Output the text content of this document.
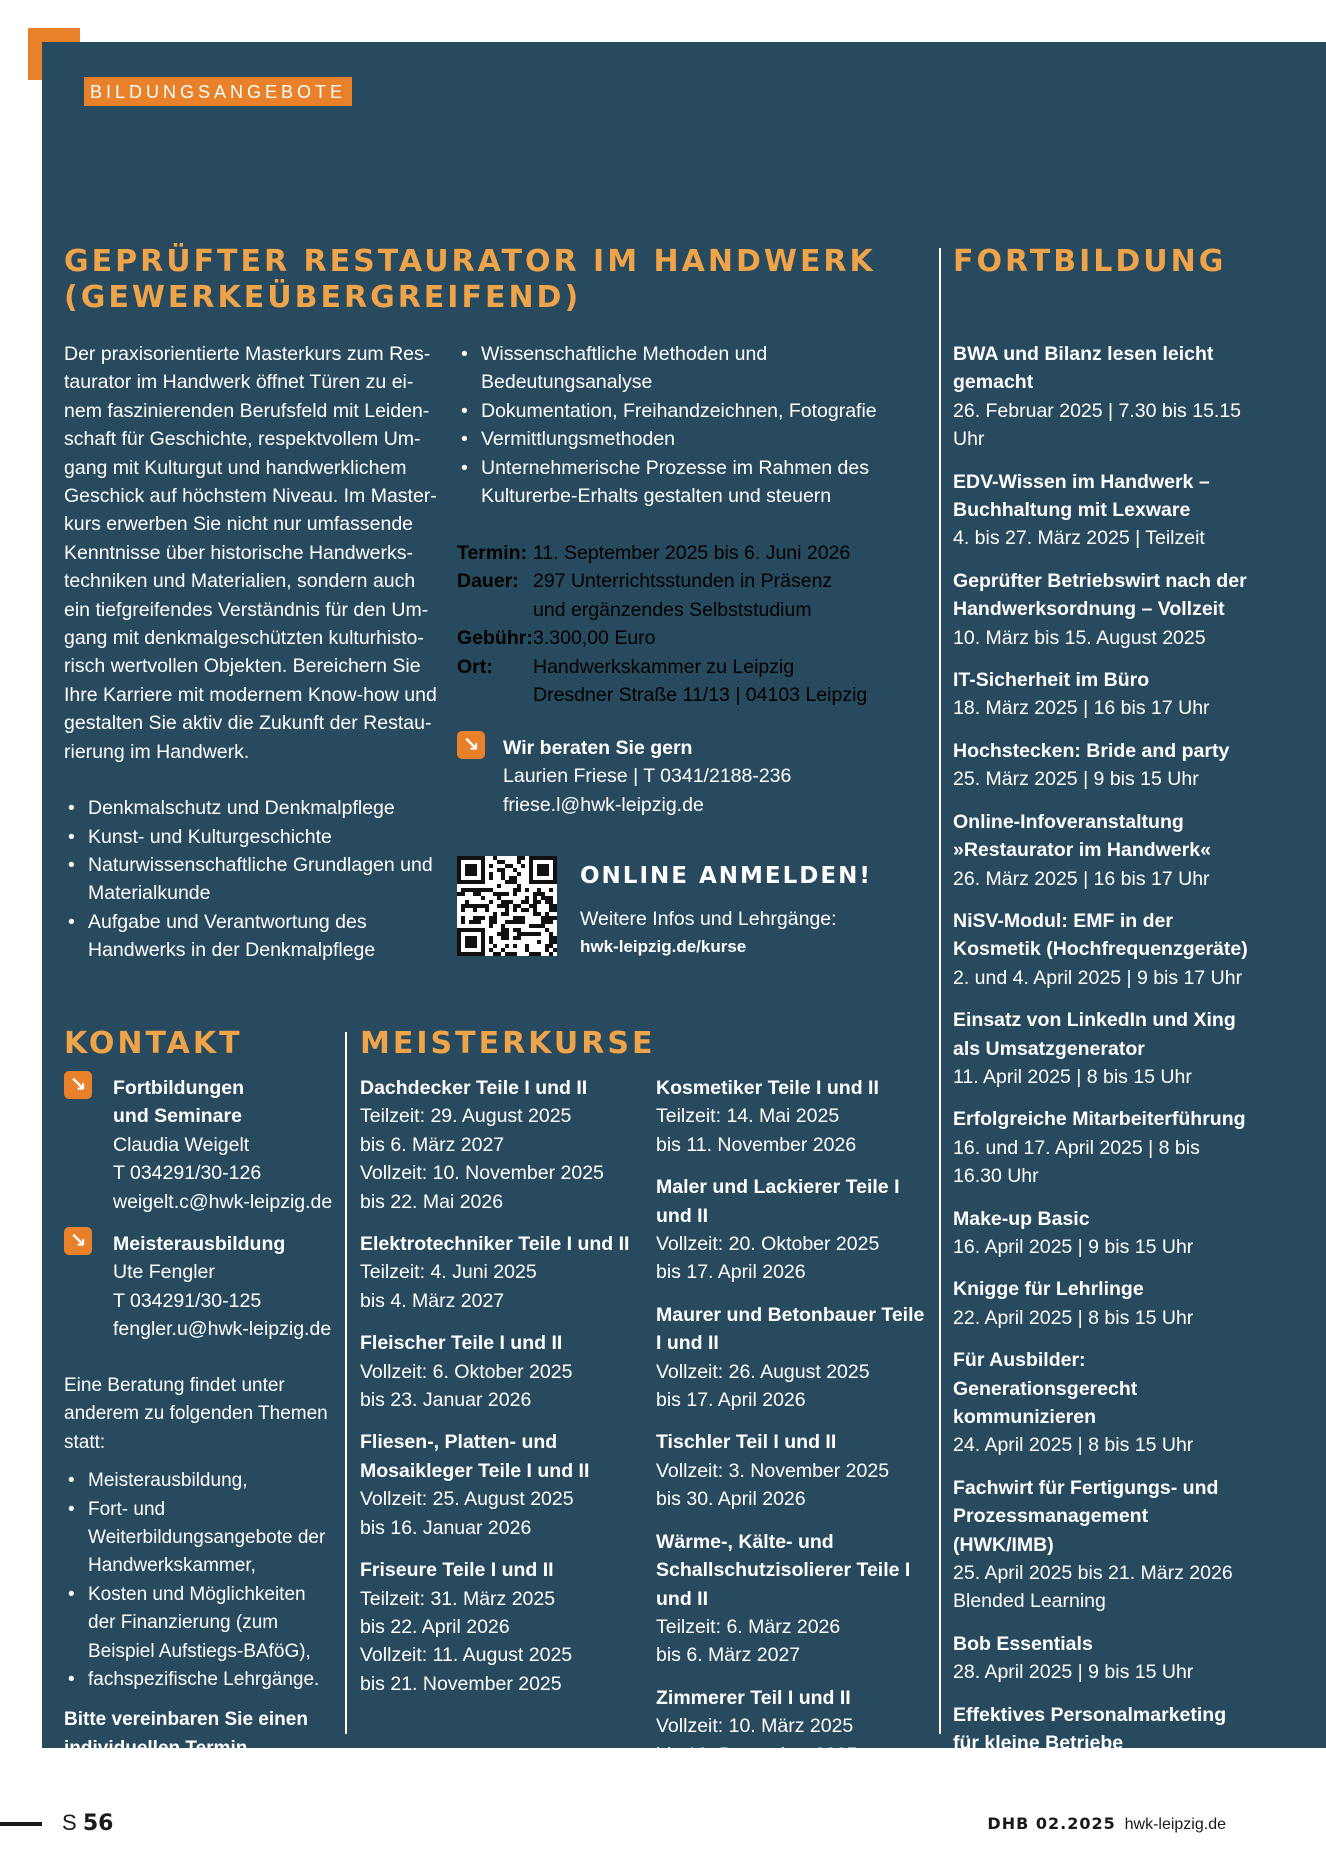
BILDUNGSANGEBOTE
GEPRÜFTER RESTAURATOR IM HANDWERK (GEWERKEÜBERGREIFEND)

Der praxisorientierte Masterkurs zum Res-
taurator im Handwerk öffnet Türen zu ei-
nem faszinierenden Berufsfeld mit Leiden-
schaft für Geschichte, respektvollem Um-
gang mit Kulturgut und handwerklichem
Geschick auf höchstem Niveau. Im Master-
kurs erwerben Sie nicht nur umfassende
Kenntnisse über historische Handwerks-
techniken und Materialien, sondern auch
ein tiefgreifendes Verständnis für den Um-
gang mit denkmalgeschützten kulturhisto-
risch wertvollen Objekten. Bereichern Sie
Ihre Karriere mit modernem Know-how und
gestalten Sie aktiv die Zukunft der Restau-
rierung im Handwerk.

• Denkmalschutz und Denkmalpflege
• Kunst- und Kulturgeschichte
• Naturwissenschaftliche Grundlagen und Materialkunde
• Aufgabe und Verantwortung des Handwerks in der Denkmalpflege
• Wissenschaftliche Methoden und Bedeutungsanalyse
• Dokumentation, Freihandzeichnen, Fotografie
• Vermittlungsmethoden
• Unternehmerische Prozesse im Rahmen des Kulturerbe-Erhalts gestalten und steuern
Termin: 11. September 2025 bis 6. Juni 2026
Dauer: 297 Unterrichtsstunden in Präsenz
und ergänzendes Selbststudium
Gebühr: 3.300,00 Euro
Ort:	Handwerkskammer zu Leipzig
Dresdner Straße 11/13 | 04103 Leipzig
↘ Wir beraten Sie gern
Laurien Friese | T 0341/2188-236
friese.l@hwk-leipzig.de
ONLINE ANMELDEN!
Weitere Infos und Lehrgänge:
hwk-leipzig.de/kurse
KONTAKT
↘ Fortbildungen
und Seminare
Claudia Weigelt
T 034291/30-126
weigelt.c@hwk-leipzig.de
↘ Meisterausbildung
Ute Fengler
T 034291/30-125
fengler.u@hwk-leipzig.de

Eine Beratung findet unter anderem zu folgenden Themen statt:

• Meisterausbildung,
• Fort- und Weiterbildungsangebote der Handwerkskammer,
• Kosten und Möglichkeiten der Finanzierung (zum Beispiel Aufstiegs-BAföG),
• fachspezifische Lehrgänge.

Bitte vereinbaren Sie einen individuellen Termin.

MEISTERKURSE
Dachdecker Teile I und II
Teilzeit: 29. August 2025
bis 6. März 2027
Vollzeit: 10. November 2025
bis 22. Mai 2026
Elektrotechniker Teile I und II
Teilzeit: 4. Juni 2025
bis 4. März 2027
Fleischer Teile I und II
Vollzeit: 6. Oktober 2025
bis 23. Januar 2026
Fliesen-, Platten- und Mosaikleger Teile I und II
Vollzeit: 25. August 2025
bis 16. Januar 2026
Friseure Teile I und II
Teilzeit: 31. März 2025
bis 22. April 2026
Vollzeit: 11. August 2025
bis 21. November 2025
Kosmetiker Teile I und II
Teilzeit: 14. Mai 2025
bis 11. November 2026
Maler und Lackierer Teile I und II
Vollzeit: 20. Oktober 2025
bis 17. April 2026
Maurer und Betonbauer Teile I und II
Vollzeit: 26. August 2025
bis 17. April 2026
Tischler Teil I und II
Vollzeit: 3. November 2025
bis 30. April 2026
Wärme-, Kälte- und Schallschutzisolierer Teile I und II
Teilzeit: 6. März 2026
bis 6. März 2027
Zimmerer Teil I und II
Vollzeit: 10. März 2025
bis 19. Dezember 2025
FORTBILDUNG
BWA und Bilanz lesen leicht gemacht
26. Februar 2025 | 7.30 bis 15.15 Uhr
EDV-Wissen im Handwerk – Buchhaltung mit Lexware
4. bis 27. März 2025 | Teilzeit
Geprüfter Betriebswirt nach der Handwerksordnung – Vollzeit
10. März bis 15. August 2025
IT-Sicherheit im Büro
18. März 2025 | 16 bis 17 Uhr
Hochstecken: Bride and party
25. März 2025 | 9 bis 15 Uhr
Online-Infoveranstaltung »Restaurator im Handwerk«
26. März 2025 | 16 bis 17 Uhr
NiSV-Modul: EMF in der Kosmetik (Hochfrequenzgeräte)
2. und 4. April 2025 | 9 bis 17 Uhr
Einsatz von LinkedIn und Xing als Umsatzgenerator
11. April 2025 | 8 bis 15 Uhr
Erfolgreiche Mitarbeiterführung
16. und 17. April 2025 | 8 bis 16.30 Uhr
Make-up Basic
16. April 2025 | 9 bis 15 Uhr
Knigge für Lehrlinge
22. April 2025 | 8 bis 15 Uhr
Für Ausbilder: Generationsgerecht kommunizieren
24. April 2025 | 8 bis 15 Uhr
Fachwirt für Fertigungs- und Prozessmanagement (HWK/IMB)
25. April 2025 bis 21. März 2026 Blended Learning
Bob Essentials
28. April 2025 | 9 bis 15 Uhr
Effektives Personalmarketing für kleine Betriebe
30. April 2025 | 8 bis 15 Uhr
S 56	DHB 02.2025 hwk-leipzig.de
